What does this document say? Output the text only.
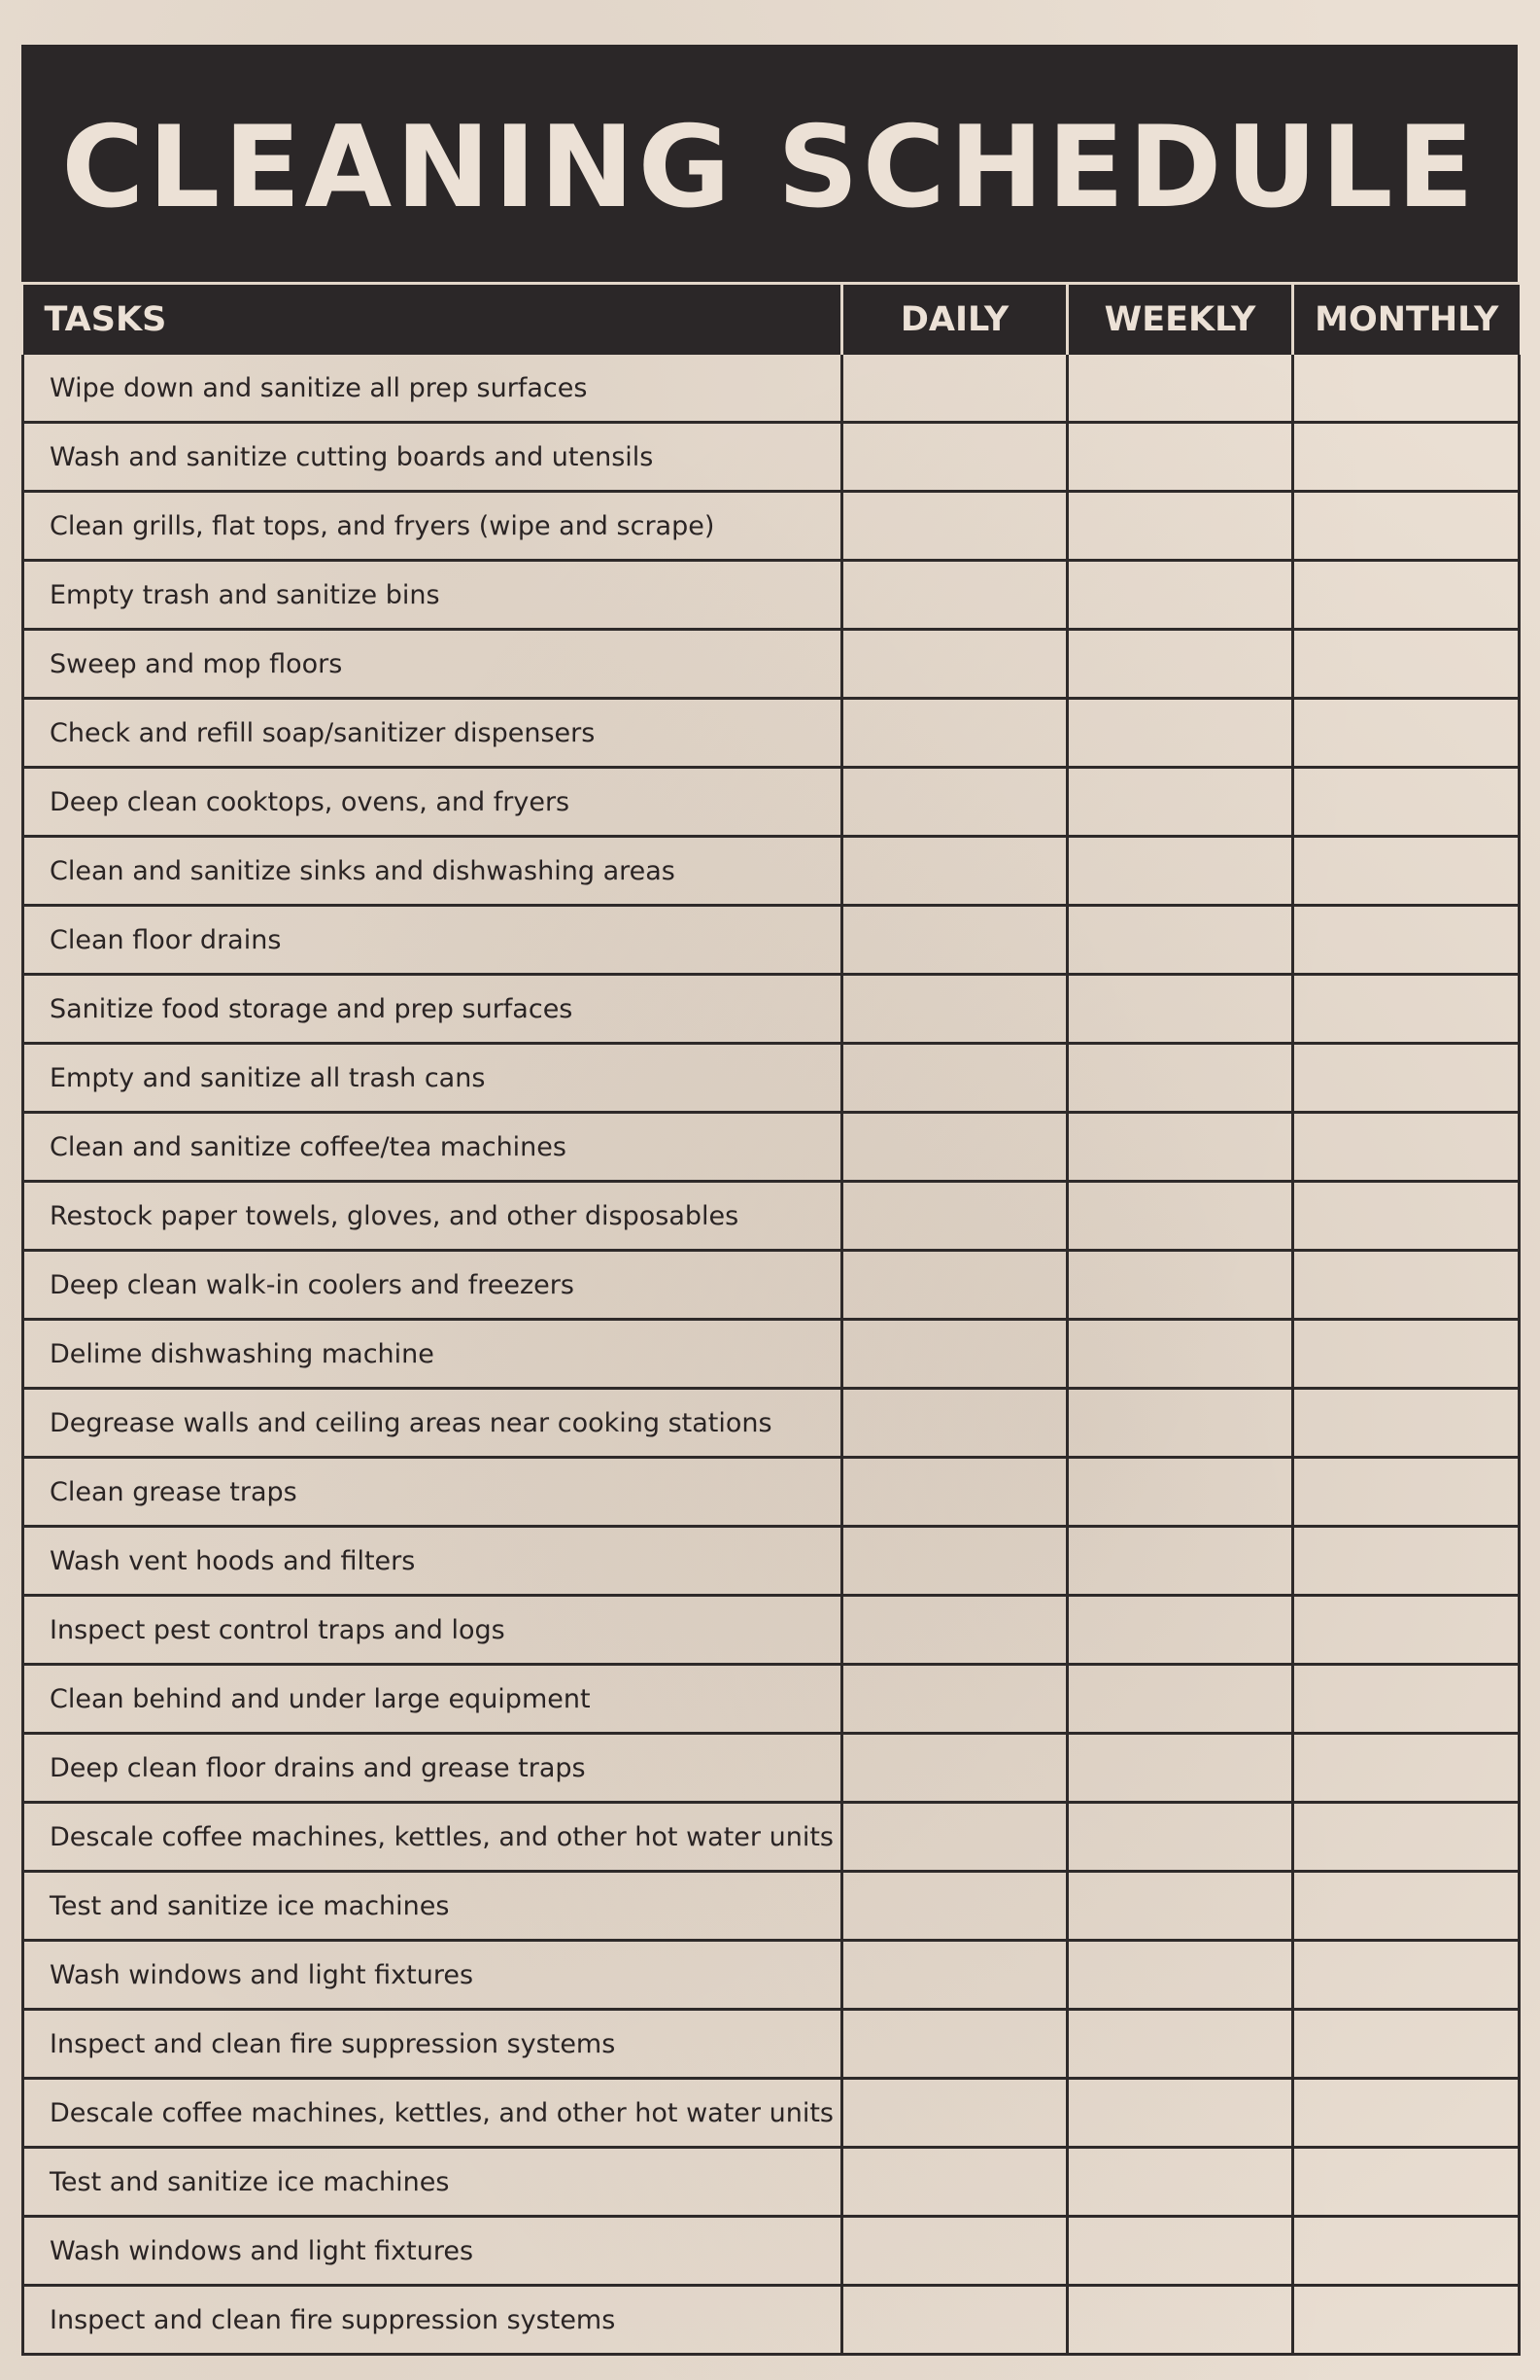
CLEANING SCHEDULE
TASKS	DAILY	WEEKLY	MONTHLY
Wipe down and sanitize all prep surfaces			
Wash and sanitize cutting boards and utensils			
Clean grills, flat tops, and fryers (wipe and scrape)			
Empty trash and sanitize bins			
Sweep and mop floors			
Check and refill soap/sanitizer dispensers			
Deep clean cooktops, ovens, and fryers			
Clean and sanitize sinks and dishwashing areas			
Clean floor drains			
Sanitize food storage and prep surfaces			
Empty and sanitize all trash cans			
Clean and sanitize coffee/tea machines			
Restock paper towels, gloves, and other disposables			
Deep clean walk-in coolers and freezers			
Delime dishwashing machine			
Degrease walls and ceiling areas near cooking stations			
Clean grease traps			
Wash vent hoods and filters			
Inspect pest control traps and logs			
Clean behind and under large equipment			
Deep clean floor drains and grease traps			
Descale coffee machines, kettles, and other hot water units			
Test and sanitize ice machines			
Wash windows and light fixtures			
Inspect and clean fire suppression systems			
Descale coffee machines, kettles, and other hot water units			
Test and sanitize ice machines			
Wash windows and light fixtures			
Inspect and clean fire suppression systems			
